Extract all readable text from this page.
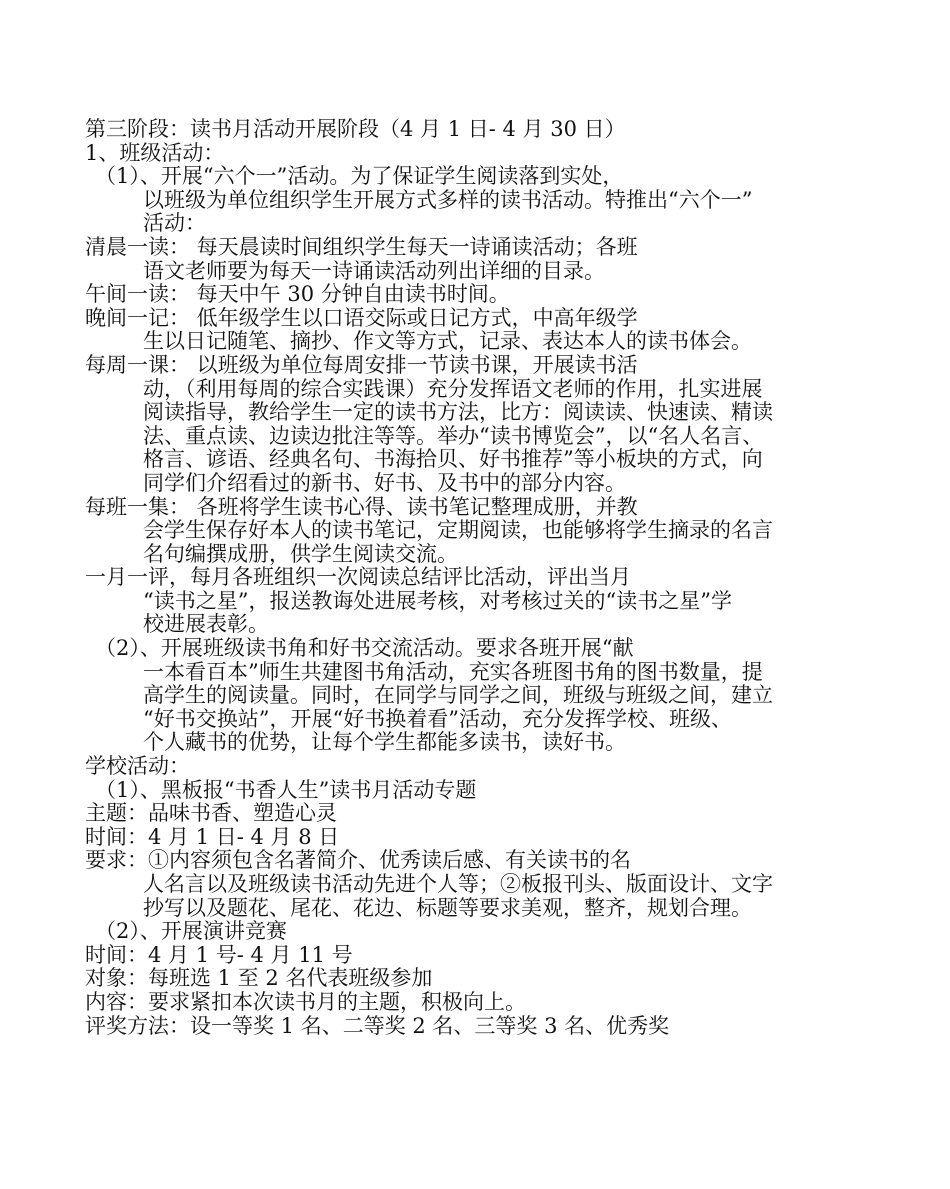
第三阶段：读书月活动开展阶段（4 月 1 日- 4 月 30 日）
1、班级活动：
（1）、开展“六个一”活动。为了保证学生阅读落到实处，
以班级为单位组织学生开展方式多样的读书活动。特推出“六个一”
活动：
清晨一读： 每天晨读时间组织学生每天一诗诵读活动；各班
语文老师要为每天一诗诵读活动列出详细的目录。
午间一读： 每天中午 30 分钟自由读书时间。
晚间一记： 低年级学生以口语交际或日记方式，中高年级学
生以日记随笔、摘抄、作文等方式，记录、表达本人的读书体会。
每周一课： 以班级为单位每周安排一节读书课，开展读书活
动，（利用每周的综合实践课）充分发挥语文老师的作用，扎实进展
阅读指导，教给学生一定的读书方法，比方：阅读读、快速读、精读
法、重点读、边读边批注等等。举办“读书博览会”，以“名人名言、
格言、谚语、经典名句、书海拾贝、好书推荐”等小板块的方式，向
同学们介绍看过的新书、好书、及书中的部分内容。
每班一集： 各班将学生读书心得、读书笔记整理成册，并教
会学生保存好本人的读书笔记，定期阅读，也能够将学生摘录的名言
名句编撰成册，供学生阅读交流。
一月一评，每月各班组织一次阅读总结评比活动，评出当月
“读书之星”，报送教诲处进展考核，对考核过关的“读书之星”学
校进展表彰。
（2）、开展班级读书角和好书交流活动。要求各班开展“献
一本看百本”师生共建图书角活动，充实各班图书角的图书数量，提
高学生的阅读量。同时，在同学与同学之间，班级与班级之间，建立
“好书交换站”，开展“好书换着看”活动，充分发挥学校、班级、
个人藏书的优势，让每个学生都能多读书，读好书。
学校活动：
（1）、黑板报“书香人生”读书月活动专题
主题：品味书香、塑造心灵
时间：4 月 1 日- 4 月 8 日
要求：①内容须包含名著简介、优秀读后感、有关读书的名
人名言以及班级读书活动先进个人等；②板报刊头、版面设计、文字
抄写以及题花、尾花、花边、标题等要求美观，整齐，规划合理。
（2）、开展演讲竞赛
时间：4 月 1 号- 4 月 11 号
对象：每班选 1 至 2 名代表班级参加
内容：要求紧扣本次读书月的主题，积极向上。
评奖方法：设一等奖 1 名、二等奖 2 名、三等奖 3 名、优秀奖
